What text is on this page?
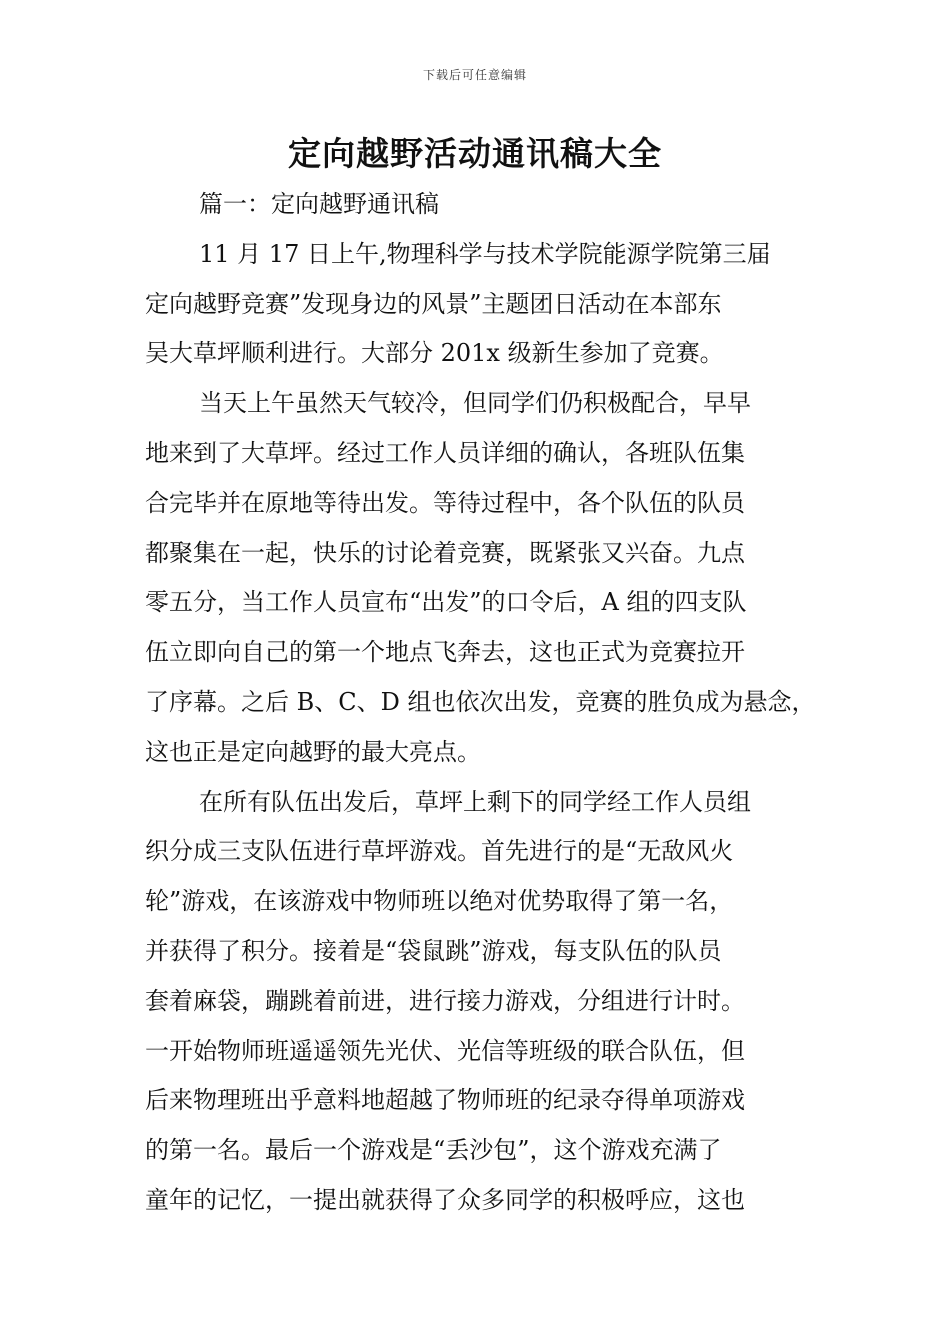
下载后可任意编辑
定向越野活动通讯稿大全
篇一：定向越野通讯稿
11 月 17 日上午,物理科学与技术学院能源学院第三届
定向越野竞赛”发现身边的风景”主题团日活动在本部东
吴大草坪顺利进行。大部分 201x 级新生参加了竞赛。
当天上午虽然天气较冷，但同学们仍积极配合，早早
地来到了大草坪。经过工作人员详细的确认，各班队伍集
合完毕并在原地等待出发。等待过程中，各个队伍的队员
都聚集在一起，快乐的讨论着竞赛，既紧张又兴奋。九点
零五分，当工作人员宣布“出发”的口令后，A 组的四支队
伍立即向自己的第一个地点飞奔去，这也正式为竞赛拉开
了序幕。之后 B、C、D 组也依次出发，竞赛的胜负成为悬念，
这也正是定向越野的最大亮点。
在所有队伍出发后，草坪上剩下的同学经工作人员组
织分成三支队伍进行草坪游戏。首先进行的是“无敌风火
轮”游戏，在该游戏中物师班以绝对优势取得了第一名，
并获得了积分。接着是“袋鼠跳”游戏，每支队伍的队员
套着麻袋，蹦跳着前进，进行接力游戏，分组进行计时。
一开始物师班遥遥领先光伏、光信等班级的联合队伍，但
后来物理班出乎意料地超越了物师班的纪录夺得单项游戏
的第一名。最后一个游戏是“丢沙包”，这个游戏充满了
童年的记忆，一提出就获得了众多同学的积极呼应，这也
